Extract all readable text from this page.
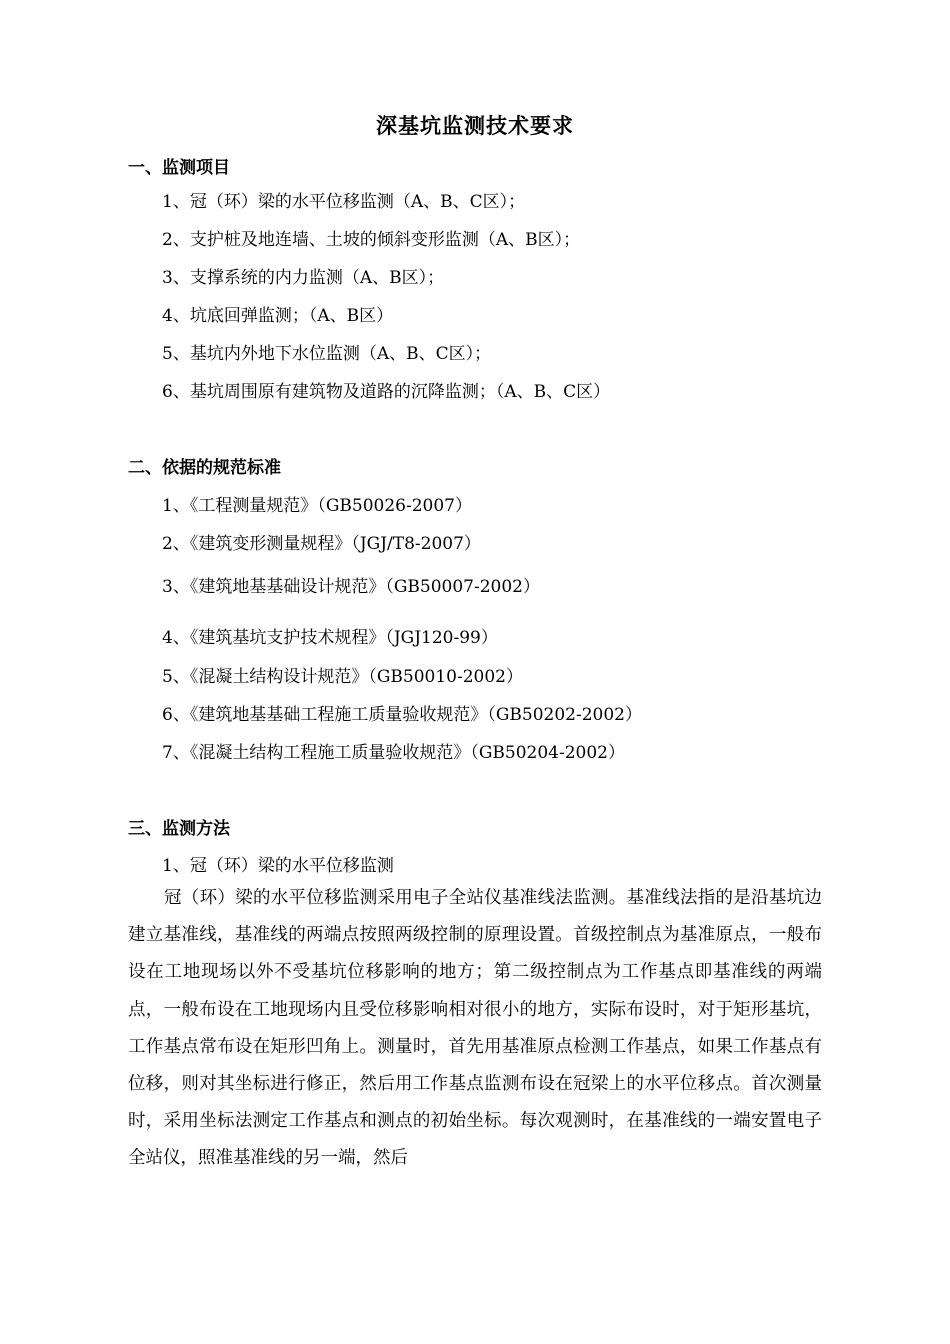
深基坑监测技术要求
一、监测项目
1、冠（环）梁的水平位移监测（A、B、C区）；
2、支护桩及地连墙、土坡的倾斜变形监测（A、B区）；
3、支撑系统的内力监测（A、B区）；
4、坑底回弹监测；（A、B区）
5、基坑内外地下水位监测（A、B、C区）；
6、基坑周围原有建筑物及道路的沉降监测；（A、B、C区）
二、依据的规范标准
1、《工程测量规范》（GB50026-2007）
2、《建筑变形测量规程》（JGJ/T8-2007）
3、《建筑地基基础设计规范》（GB50007-2002）
4、《建筑基坑支护技术规程》（JGJ120-99）
5、《混凝土结构设计规范》（GB50010-2002）
6、《建筑地基基础工程施工质量验收规范》（GB50202-2002）
7、《混凝土结构工程施工质量验收规范》（GB50204-2002）
三、监测方法
1、冠（环）梁的水平位移监测
冠（环）梁的水平位移监测采用电子全站仪基准线法监测。基准线法指的是沿基坑边建立基准线，基准线的两端点按照两级控制的原理设置。首级控制点为基准原点，一般布设在工地现场以外不受基坑位移影响的地方；第二级控制点为工作基点即基准线的两端点，一般布设在工地现场内且受位移影响相对很小的地方，实际布设时，对于矩形基坑，工作基点常布设在矩形凹角上。测量时，首先用基准原点检测工作基点，如果工作基点有位移，则对其坐标进行修正，然后用工作基点监测布设在冠梁上的水平位移点。首次测量时，采用坐标法测定工作基点和测点的初始坐标。每次观测时，在基准线的一端安置电子全站仪，照准基准线的另一端，然后
